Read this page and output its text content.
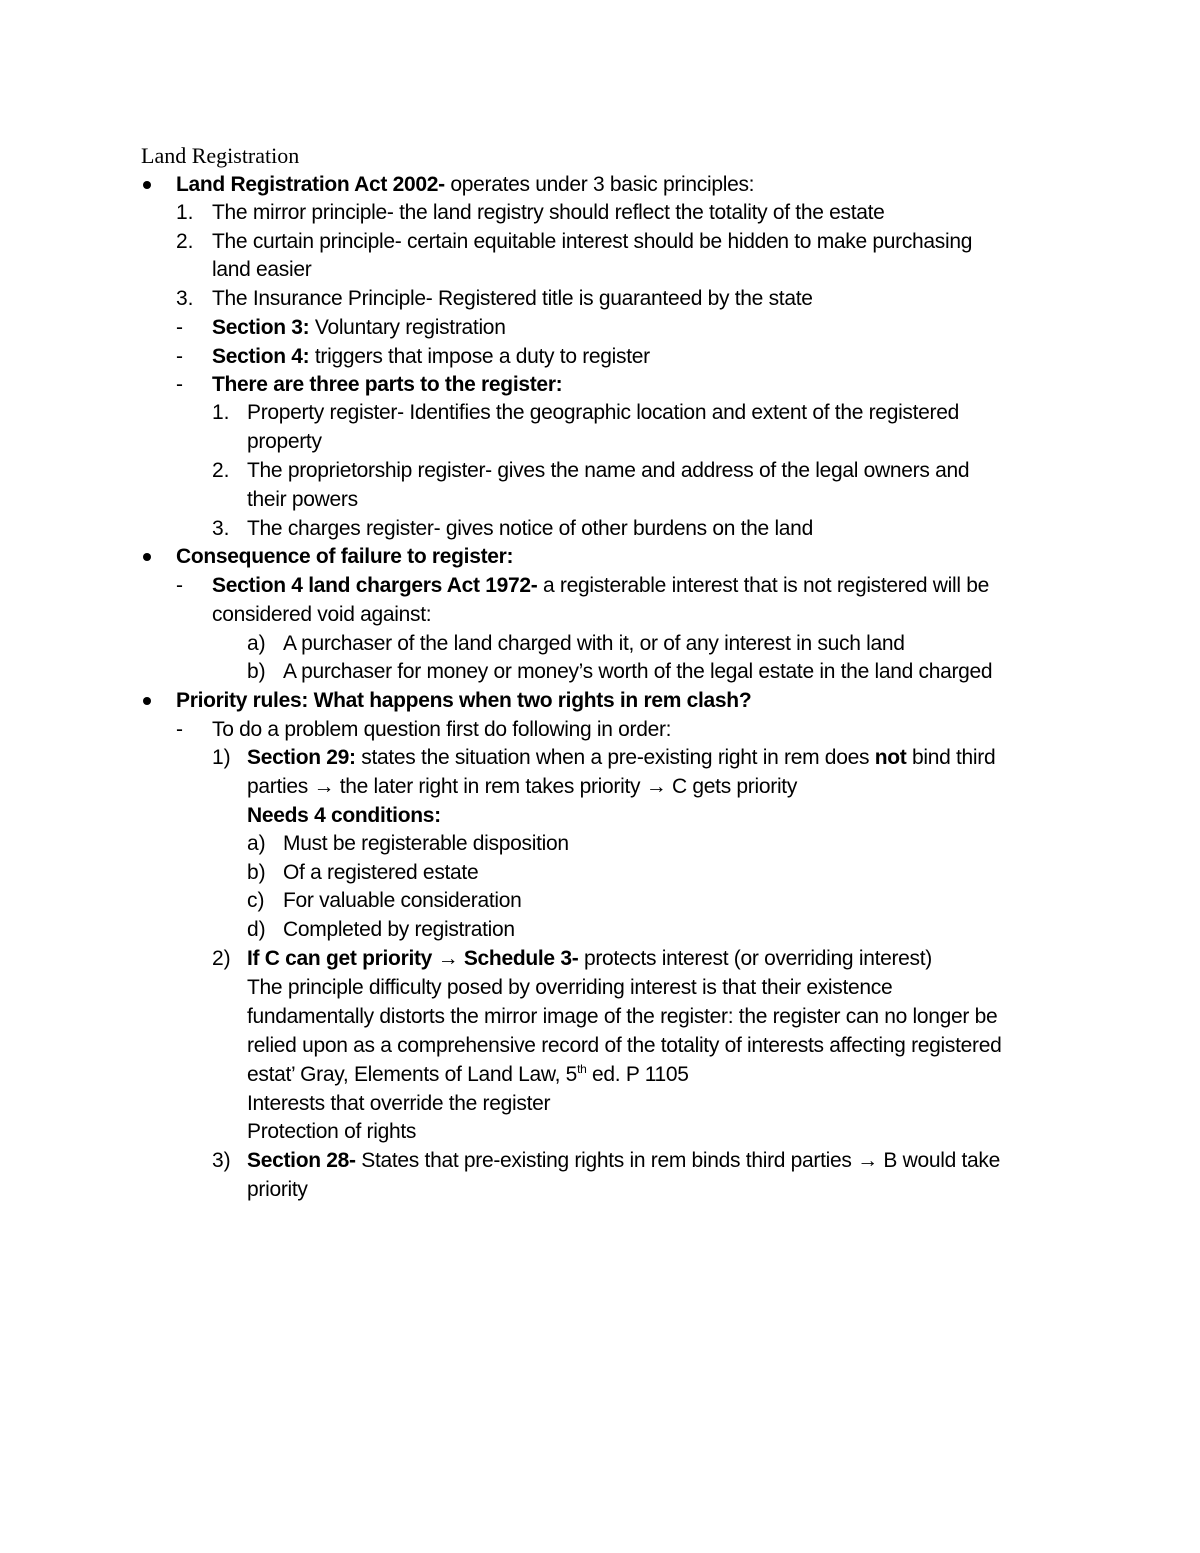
Land Registration
Land Registration Act 2002- operates under 3 basic principles:
1. The mirror principle- the land registry should reflect the totality of the estate
2. The curtain principle- certain equitable interest should be hidden to make purchasing
land easier
3. The Insurance Principle- Registered title is guaranteed by the state
- Section 3: Voluntary registration
- Section 4: triggers that impose a duty to register
- There are three parts to the register:
1. Property register- Identifies the geographic location and extent of the registered
property
2. The proprietorship register- gives the name and address of the legal owners and
their powers
3. The charges register- gives notice of other burdens on the land
Consequence of failure to register:
- Section 4 land chargers Act 1972- a registerable interest that is not registered will be
considered void against:
a) A purchaser of the land charged with it, or of any interest in such land
b) A purchaser for money or money’s worth of the legal estate in the land charged
Priority rules: What happens when two rights in rem clash?
- To do a problem question first do following in order:
1) Section 29: states the situation when a pre-existing right in rem does not bind third
parties → the later right in rem takes priority → C gets priority
Needs 4 conditions:
a) Must be registerable disposition
b) Of a registered estate
c) For valuable consideration
d) Completed by registration
2) If C can get priority → Schedule 3- protects interest (or overriding interest)
The principle difficulty posed by overriding interest is that their existence
fundamentally distorts the mirror image of the register: the register can no longer be
relied upon as a comprehensive record of the totality of interests affecting registered
estat’ Gray, Elements of Land Law, 5th ed. P 1105
Interests that override the register
Protection of rights
3) Section 28- States that pre-existing rights in rem binds third parties → B would take
priority
